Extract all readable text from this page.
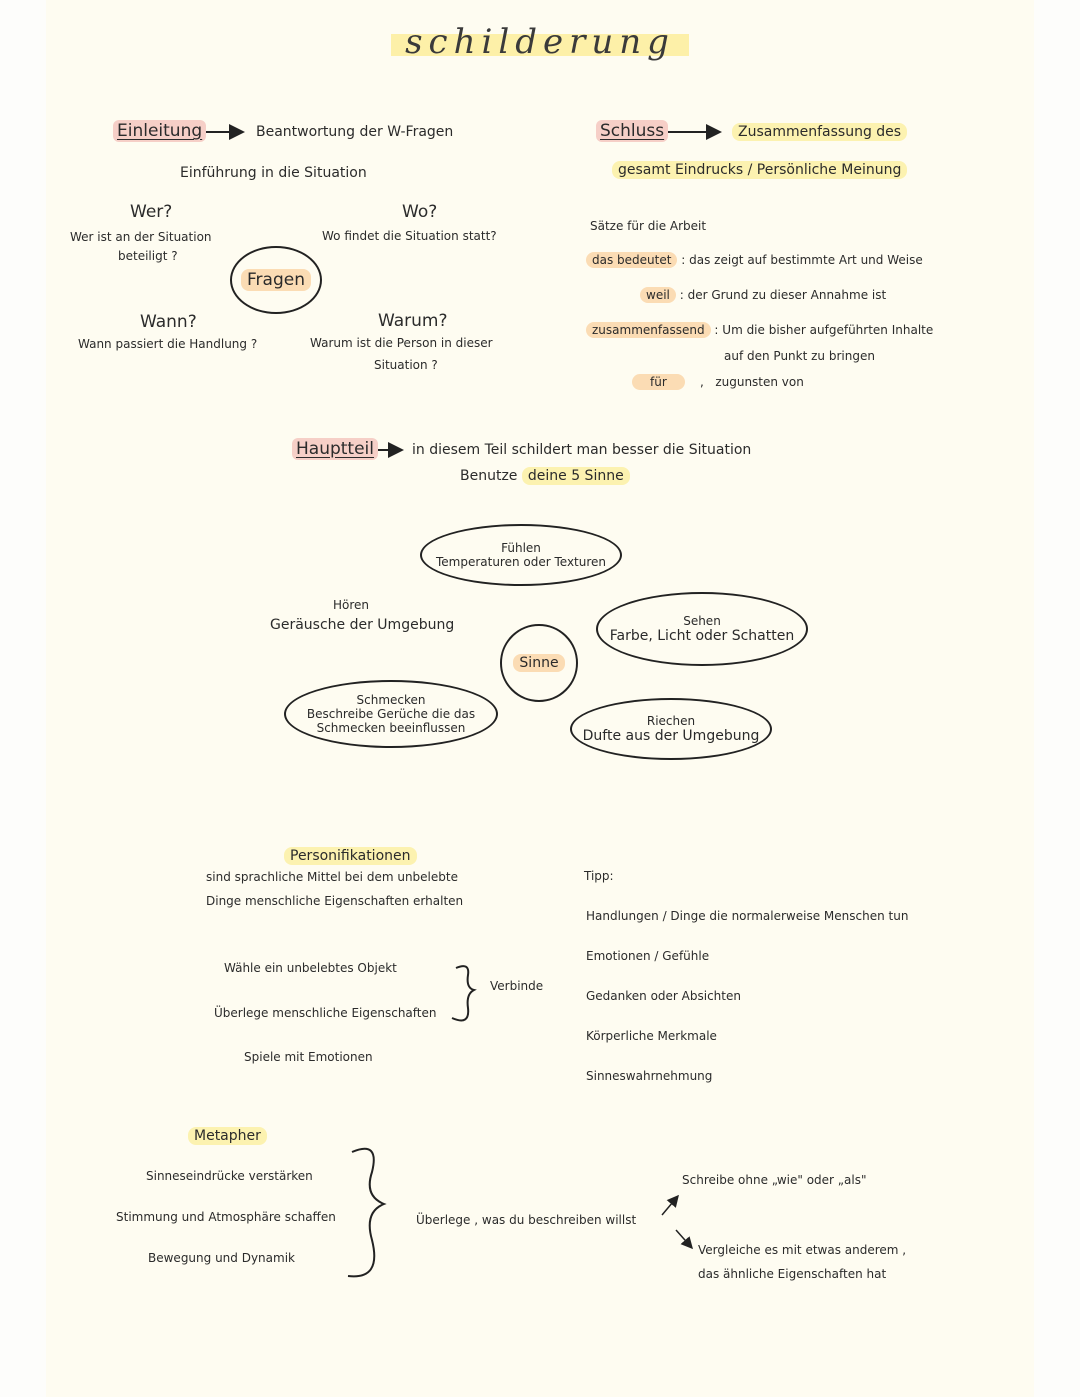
schilderung
Einleitung	Beantwortung der W-Fragen
Einführung in die Situation
Wer?
Wer ist an der Situation
beteiligt ?
Wo?
Wo findet die Situation statt?
Fragen
Wann?
Wann passiert die Handlung ?
Warum?
Warum ist die Person in dieser
Situation ?
Schluss	Zusammenfassung des
gesamt Eindrucks / Persönliche Meinung
Sätze für die Arbeit
das bedeutet : das zeigt auf bestimmte Art und Weise
weil : der Grund zu dieser Annahme ist
zusammenfassend : Um die bisher aufgeführten Inhalte
auf den Punkt zu bringen
für	, zugunsten von
Hauptteil	in diesem Teil schildert man besser die Situation
Benutze deine 5 Sinne
Fühlen
Temperaturen oder Texturen
Hören
Geräusche der Umgebung	Sehen
Farbe, Licht oder Schatten
Sinne
Schmecken
Beschreibe Gerüche die das
Schmecken beeinflussen	Riechen
Dufte aus der Umgebung
Personifikationen
sind sprachliche Mittel bei dem unbelebte
Dinge menschliche Eigenschaften erhalten
Wähle ein unbelebtes Objekt
Überlege menschliche Eigenschaften
Spiele mit Emotionen
Verbinde
Tipp:
Handlungen / Dinge die normalerweise Menschen tun
Emotionen / Gefühle
Gedanken oder Absichten
Körperliche Merkmale
Sinneswahrnehmung
Metapher
Sinneseindrücke verstärken
Stimmung und Atmosphäre schaffen
Bewegung und Dynamik
Überlege , was du beschreiben willst
Schreibe ohne „wie" oder „als"
Vergleiche es mit etwas anderem ,
das ähnliche Eigenschaften hat
